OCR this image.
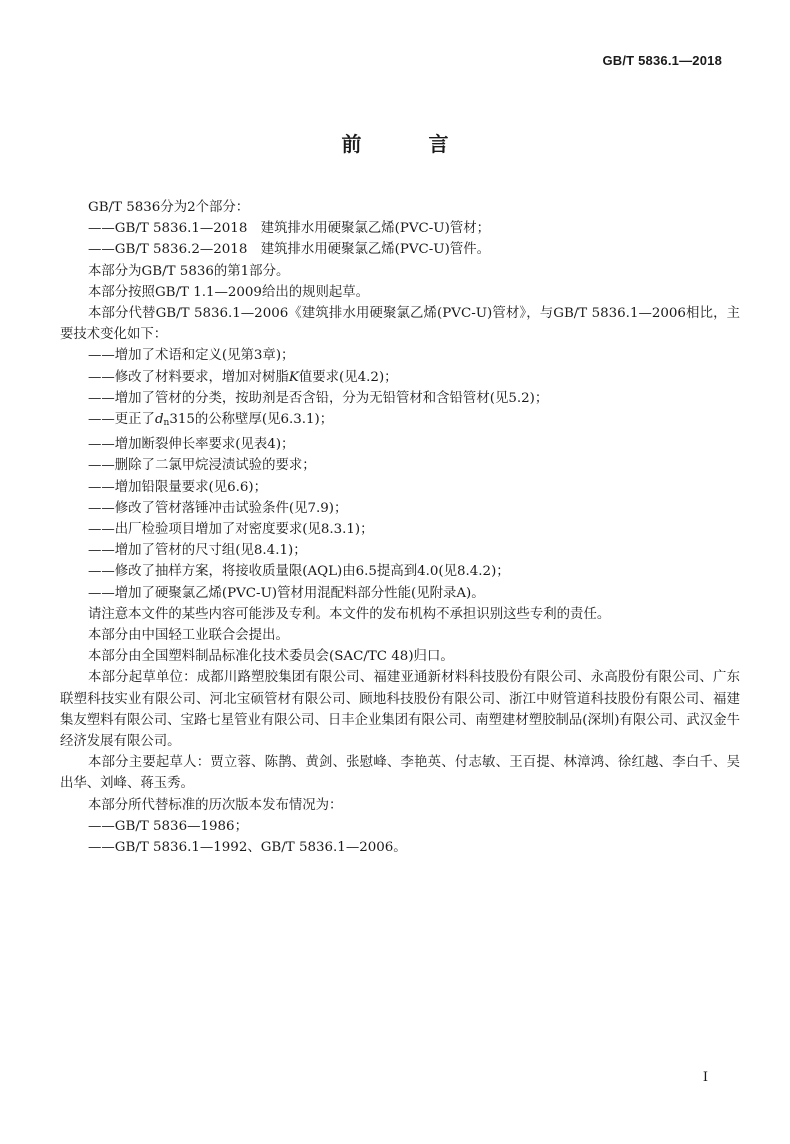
GB/T 5836.1—2018
前 言

GB/T 5836分为2个部分：

——GB/T 5836.1—2018　建筑排水用硬聚氯乙烯(PVC-U)管材；

——GB/T 5836.2—2018　建筑排水用硬聚氯乙烯(PVC-U)管件。

本部分为GB/T 5836的第1部分。

本部分按照GB/T 1.1—2009给出的规则起草。

本部分代替GB/T 5836.1—2006《建筑排水用硬聚氯乙烯(PVC-U)管材》，与GB/T 5836.1—2006相比，主要技术变化如下：

——增加了术语和定义(见第3章)；

——修改了材料要求，增加对树脂K值要求(见4.2)；

——增加了管材的分类，按助剂是否含铅，分为无铅管材和含铅管材(见5.2)；

——更正了$d_n315$的公称壁厚(见6.3.1)；

——增加断裂伸长率要求(见表4)；

——删除了二氯甲烷浸渍试验的要求；

——增加铅限量要求(见6.6)；

——修改了管材落锤冲击试验条件(见7.9)；

——出厂检验项目增加了对密度要求(见8.3.1)；

——增加了管材的尺寸组(见8.4.1)；

——修改了抽样方案，将接收质量限(AQL)由6.5提高到4.0(见8.4.2)；

——增加了硬聚氯乙烯(PVC-U)管材用混配料部分性能(见附录A)。

请注意本文件的某些内容可能涉及专利。本文件的发布机构不承担识别这些专利的责任。

本部分由中国轻工业联合会提出。

本部分由全国塑料制品标准化技术委员会(SAC/TC 48)归口。

本部分起草单位：成都川路塑胶集团有限公司、福建亚通新材料科技股份有限公司、永高股份有限公司、广东联塑科技实业有限公司、河北宝硕管材有限公司、顾地科技股份有限公司、浙江中财管道科技股份有限公司、福建集友塑料有限公司、宝路七星管业有限公司、日丰企业集团有限公司、南塑建材塑胶制品(深圳)有限公司、武汉金牛经济发展有限公司。

本部分主要起草人：贾立蓉、陈鹊、黄剑、张慰峰、李艳英、付志敏、王百提、林漳鸿、徐红越、李白千、吴出华、刘峰、蒋玉秀。

本部分所代替标准的历次版本发布情况为：

——GB/T 5836—1986；

——GB/T 5836.1—1992、GB/T 5836.1—2006。

I
